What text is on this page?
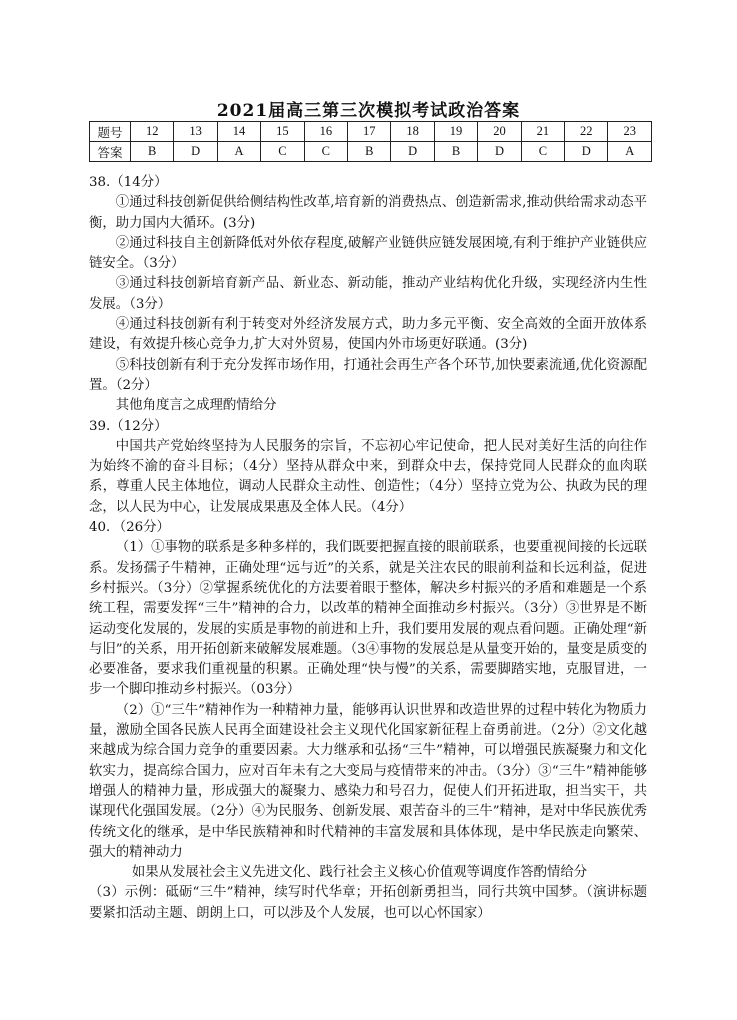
2021届高三第三次模拟考试政治答案
题号	12	13	14	15	16	17	18	19	20	21	22	23
答案	B	D	A	C	C	B	D	B	D	C	D	A

38.（14分）

①通过科技创新促供给侧结构性改革,培育新的消费热点、创造新需求,推动供给需求动态平衡，助力国内大循环。(3分)

②通过科技自主创新降低对外依存程度,破解产业链供应链发展困境,有利于维护产业链供应链安全。（3分）

③通过科技创新培育新产品、新业态、新动能，推动产业结构优化升级，实现经济内生性发展。（3分）

④通过科技创新有利于转变对外经济发展方式，助力多元平衡、安全高效的全面开放体系建设，有效提升核心竞争力,扩大对外贸易，使国内外市场更好联通。(3分)

⑤科技创新有利于充分发挥市场作用，打通社会再生产各个环节,加快要素流通,优化资源配置。（2分）

其他角度言之成理酌情给分

39.（12分）

中国共产党始终坚持为人民服务的宗旨，不忘初心牢记使命，把人民对美好生活的向往作为始终不渝的奋斗目标；（4分）坚持从群众中来，到群众中去，保持党同人民群众的血肉联系，尊重人民主体地位，调动人民群众主动性、创造性；（4分）坚持立党为公、执政为民的理念，以人民为中心，让发展成果惠及全体人民。（4分）

40．（26分）

（1）①事物的联系是多种多样的，我们既要把握直接的眼前联系，也要重视间接的长远联系。发扬孺子牛精神，正确处理“远与近”的关系，就是关注农民的眼前利益和长远利益，促进乡村振兴。（3分）②掌握系统优化的方法要着眼于整体，解决乡村振兴的矛盾和难题是一个系统工程，需要发挥“三牛”精神的合力，以改革的精神全面推动乡村振兴。（3分）③世界是不断运动变化发展的，发展的实质是事物的前进和上升，我们要用发展的观点看问题。正确处理“新与旧”的关系，用开拓创新来破解发展难题。（3④事物的发展总是从量变开始的，量变是质变的必要准备，要求我们重视量的积累。正确处理“快与慢”的关系，需要脚踏实地，克服冒进，一步一个脚印推动乡村振兴。（03分）

（2）①“三牛”精神作为一种精神力量，能够再认识世界和改造世界的过程中转化为物质力量，激励全国各民族人民再全面建设社会主义现代化国家新征程上奋勇前进。（2分）②文化越来越成为综合国力竞争的重要因素。大力继承和弘扬“三牛”精神，可以增强民族凝聚力和文化软实力，提高综合国力，应对百年未有之大变局与疫情带来的冲击。（3分）③“三牛”精神能够增强人的精神力量，形成强大的凝聚力、感染力和号召力，促使人们开拓进取，担当实干，共谋现代化强国发展。（2分）④为民服务、创新发展、艰苦奋斗的三牛”精神，是对中华民族优秀传统文化的继承，是中华民族精神和时代精神的丰富发展和具体体现，是中华民族走向繁荣、强大的精神动力

如果从发展社会主义先进文化、践行社会主义核心价值观等调度作答酌情给分

（3）示例：砥砺“三牛”精神，续写时代华章；开拓创新勇担当，同行共筑中国梦。（演讲标题要紧扣活动主题、朗朗上口，可以涉及个人发展，也可以心怀国家）
